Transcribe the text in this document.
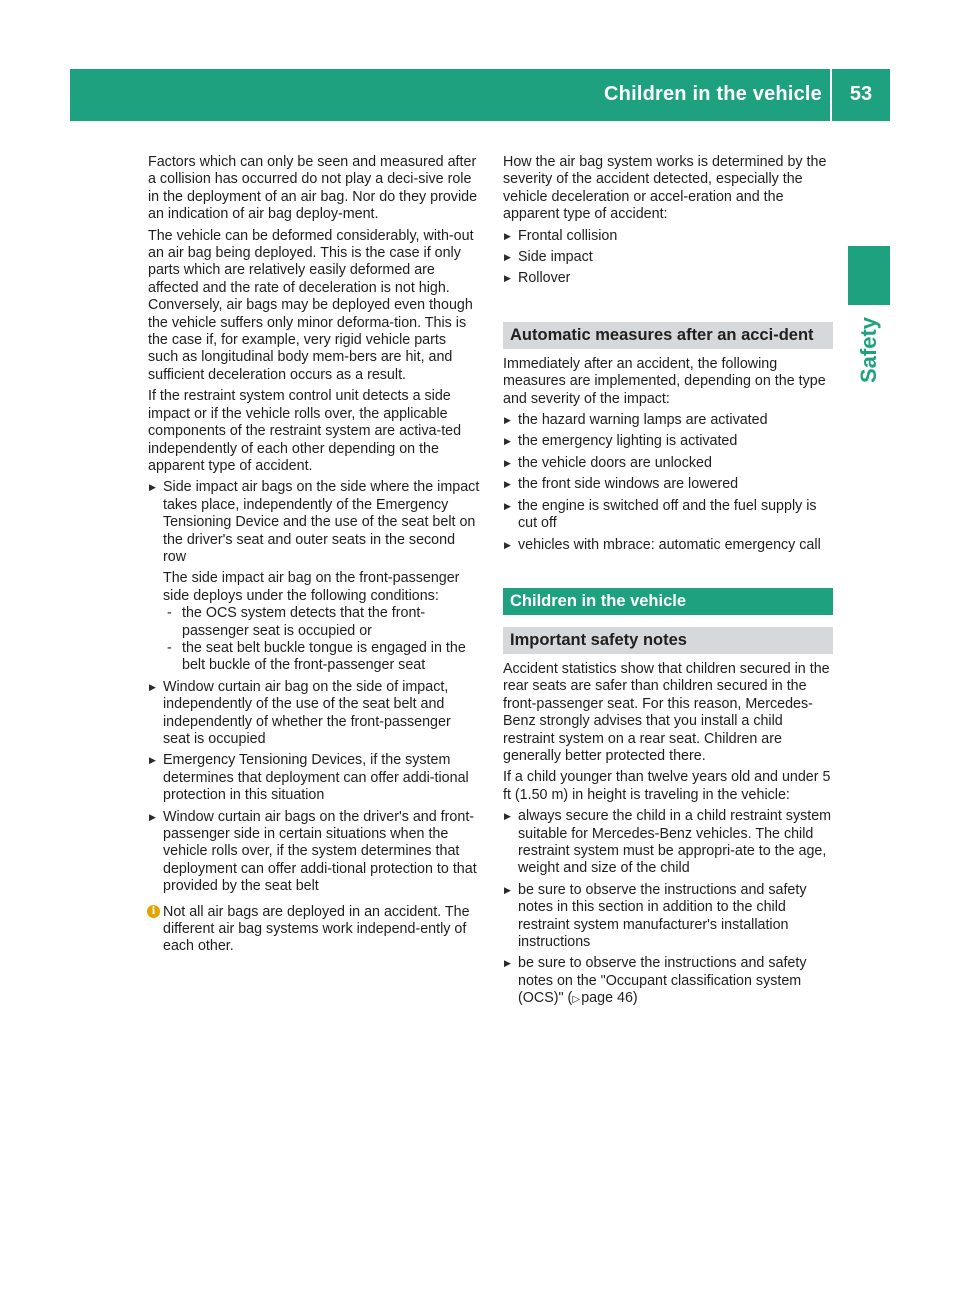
Children in the vehicle	53
Safety

Factors which can only be seen and measured after a collision has occurred do not play a deci-sive role in the deployment of an air bag. Nor do they provide an indication of air bag deploy-ment.

The vehicle can be deformed considerably, with-out an air bag being deployed. This is the case if only parts which are relatively easily deformed are affected and the rate of deceleration is not high. Conversely, air bags may be deployed even though the vehicle suffers only minor deforma-tion. This is the case if, for example, very rigid vehicle parts such as longitudinal body mem-bers are hit, and sufficient deceleration occurs as a result.

If the restraint system control unit detects a side impact or if the vehicle rolls over, the applicable components of the restraint system are activa-ted independently of each other depending on the apparent type of accident.

▶ Side impact air bags on the side where the impact takes place, independently of the Emergency Tensioning Device and the use of the seat belt on the driver's seat and outer seats in the second row
The side impact air bag on the front-passenger side deploys under the following conditions:
- the OCS system detects that the front-passenger seat is occupied or
- the seat belt buckle tongue is engaged in the belt buckle of the front-passenger seat
▶ Window curtain air bag on the side of impact, independently of the use of the seat belt and independently of whether the front-passenger seat is occupied
▶ Emergency Tensioning Devices, if the system determines that deployment can offer addi-tional protection in this situation
▶ Window curtain air bags on the driver's and front-passenger side in certain situations when the vehicle rolls over, if the system determines that deployment can offer addi-tional protection to that provided by the seat belt
i Not all air bags are deployed in an accident. The different air bag systems work independ-ently of each other.

How the air bag system works is determined by the severity of the accident detected, especially the vehicle deceleration or accel-eration and the apparent type of accident:

▶ Frontal collision
▶ Side impact
▶ Rollover
Automatic measures after an acci-dent

Immediately after an accident, the following measures are implemented, depending on the type and severity of the impact:

▶ the hazard warning lamps are activated
▶ the emergency lighting is activated
▶ the vehicle doors are unlocked
▶ the front side windows are lowered
▶ the engine is switched off and the fuel supply is cut off
▶ vehicles with mbrace: automatic emergency call
Children in the vehicle
Important safety notes

Accident statistics show that children secured in the rear seats are safer than children secured in the front-passenger seat. For this reason, Mercedes-Benz strongly advises that you install a child restraint system on a rear seat. Children are generally better protected there.

If a child younger than twelve years old and under 5 ft (1.50 m) in height is traveling in the vehicle:

▶ always secure the child in a child restraint system suitable for Mercedes-Benz vehicles. The child restraint system must be appropri-ate to the age, weight and size of the child
▶ be sure to observe the instructions and safety notes in this section in addition to the child restraint system manufacturer's installation instructions
▶ be sure to observe the instructions and safety notes on the "Occupant classification system (OCS)" (▷ page 46)
